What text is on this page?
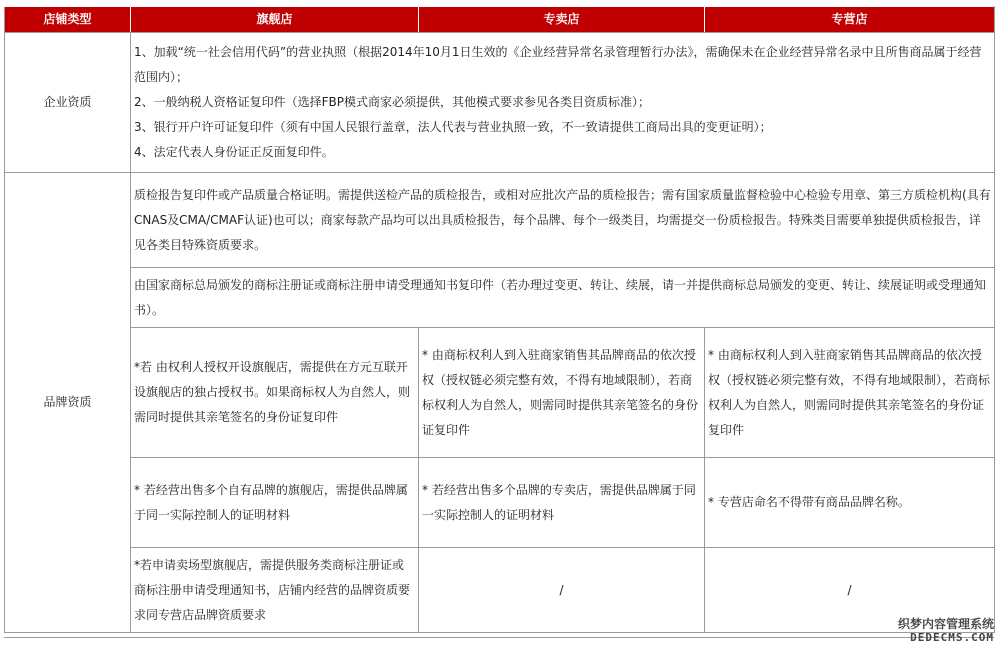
店铺类型	旗舰店	专卖店	专营店
企业资质	1、加载“统一社会信用代码”的营业执照（根据2014年10月1日生效的《企业经营异常名录管理暂行办法》，需确保未在企业经营异常名录中且所售商品属于经营范围内）；
2、一般纳税人资格证复印件（选择FBP模式商家必须提供，其他模式要求参见各类目资质标准）；
3、银行开户许可证复印件（须有中国人民银行盖章，法人代表与营业执照一致，不一致请提供工商局出具的变更证明）；
4、法定代表人身份证正反面复印件。		

品牌资质	质检报告复印件或产品质量合格证明。需提供送检产品的质检报告，或相对应批次产品的质检报告；需有国家质量监督检验中心检验专用章、第三方质检机构(具有CNAS及CMA/CMAF认证)也可以；商家每款产品均可以出具质检报告，每个品牌、每个一级类目，均需提交一份质检报告。特殊类目需要单独提供质检报告，详见各类目特殊资质要求。		
	由国家商标总局颁发的商标注册证或商标注册申请受理通知书复印件（若办理过变更、转让、续展，请一并提供商标总局颁发的变更、转让、续展证明或受理通知书）。		
	*若 由权利人授权开设旗舰店，需提供在方元互联开设旗舰店的独占授权书。如果商标权人为自然人，则需同时提供其亲笔签名的身份证复印件	* 由商标权利人到入驻商家销售其品牌商品的依次授权（授权链必须完整有效，不得有地域限制），若商标权利人为自然人，则需同时提供其亲笔签名的身份证复印件	* 由商标权利人到入驻商家销售其品牌商品的依次授权（授权链必须完整有效，不得有地域限制），若商标权利人为自然人，则需同时提供其亲笔签名的身份证复印件
	* 若经营出售多个自有品牌的旗舰店，需提供品牌属于同一实际控制人的证明材料	* 若经营出售多个品牌的专卖店，需提供品牌属于同一实际控制人的证明材料	* 专营店命名不得带有商品品牌名称。
	*若申请卖场型旗舰店，需提供服务类商标注册证或商标注册申请受理通知书，店铺内经营的品牌资质要求同专营店品牌资质要求	/	/
织梦内容管理系统
DEDECMS.COM
